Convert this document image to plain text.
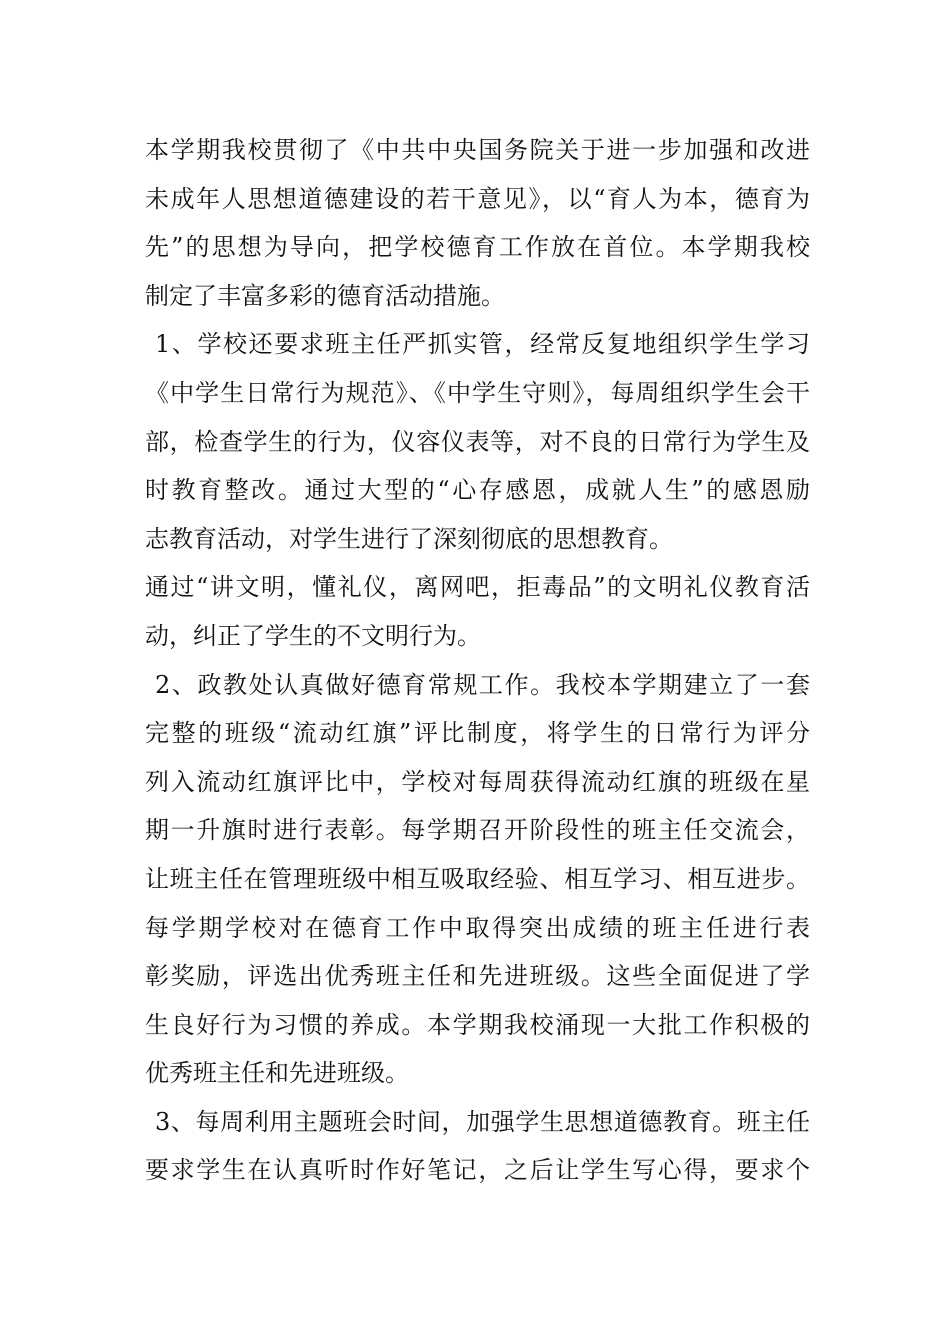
本学期我校贯彻了《中共中央国务院关于进一步加强和改进
未成年人思想道德建设的若干意见》，以“育人为本，德育为
先”的思想为导向，把学校德育工作放在首位。本学期我校
制定了丰富多彩的德育活动措施。
1、学校还要求班主任严抓实管，经常反复地组织学生学习
《中学生日常行为规范》、《中学生守则》，每周组织学生会干
部，检查学生的行为，仪容仪表等，对不良的日常行为学生及
时教育整改。通过大型的“心存感恩，成就人生”的感恩励
志教育活动，对学生进行了深刻彻底的思想教育。
通过“讲文明，懂礼仪，离网吧，拒毒品”的文明礼仪教育活
动，纠正了学生的不文明行为。
2、政教处认真做好德育常规工作。我校本学期建立了一套
完整的班级“流动红旗”评比制度，将学生的日常行为评分
列入流动红旗评比中，学校对每周获得流动红旗的班级在星
期一升旗时进行表彰。每学期召开阶段性的班主任交流会，
让班主任在管理班级中相互吸取经验、相互学习、相互进步。
每学期学校对在德育工作中取得突出成绩的班主任进行表
彰奖励，评选出优秀班主任和先进班级。这些全面促进了学
生良好行为习惯的养成。本学期我校涌现一大批工作积极的
优秀班主任和先进班级。
3、每周利用主题班会时间，加强学生思想道德教育。班主任
要求学生在认真听时作好笔记，之后让学生写心得，要求个
